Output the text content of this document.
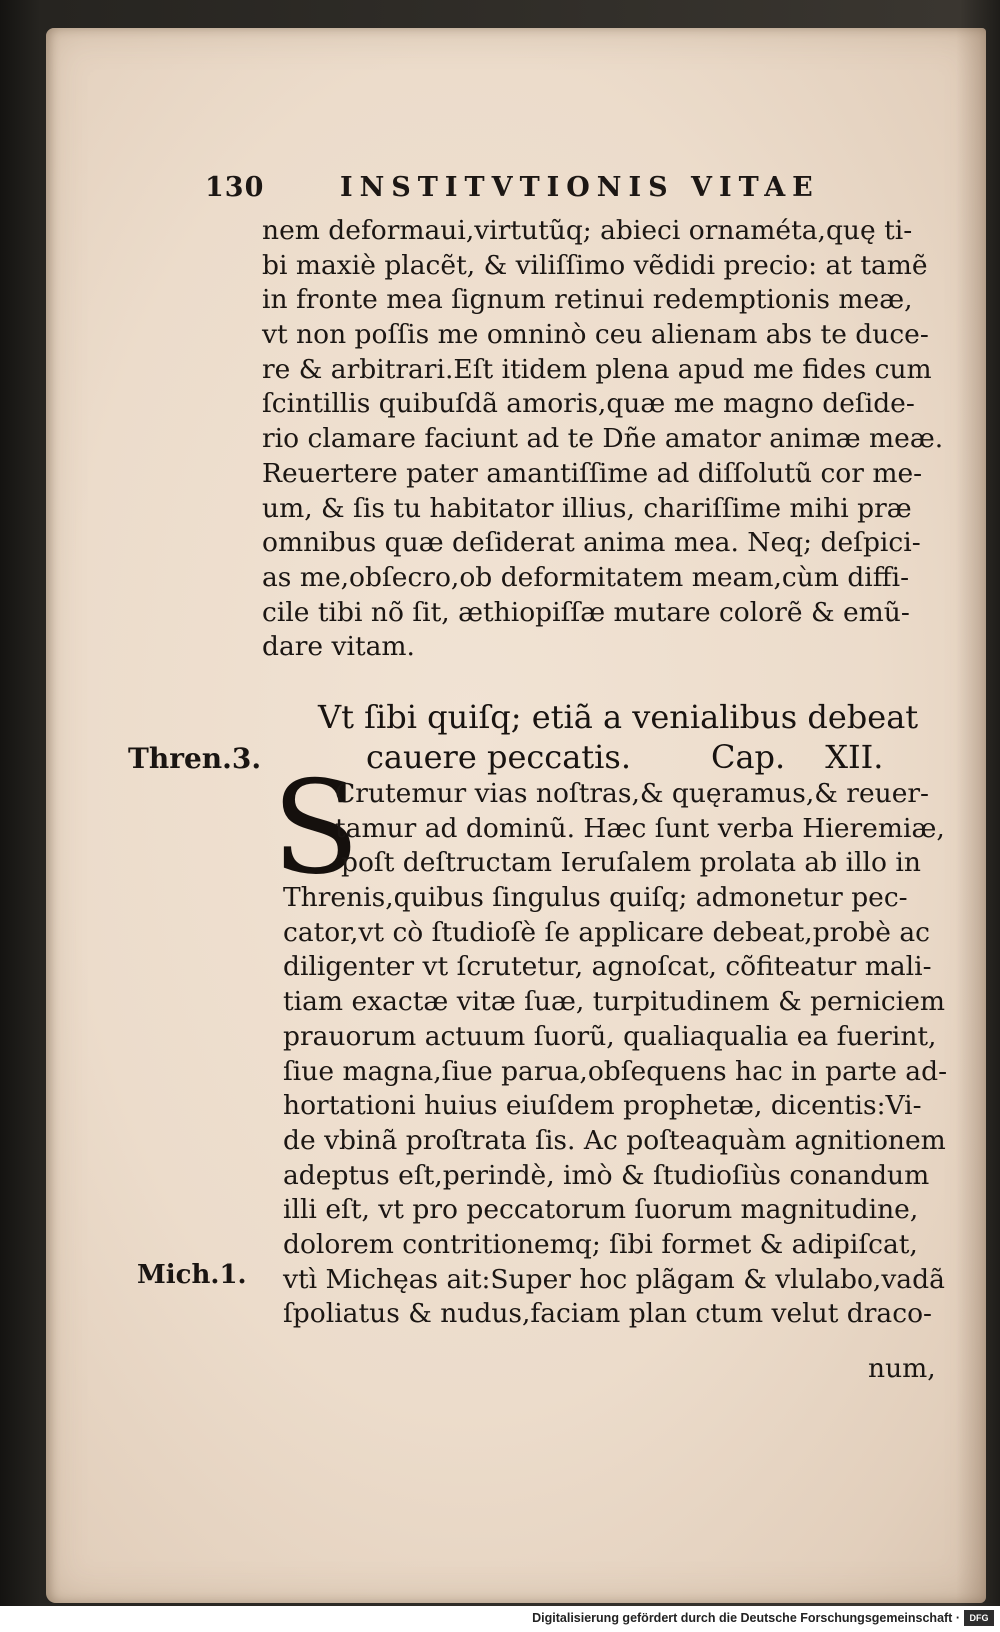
130	INSTITVTIONIS VITAE
nem deformaui,virtutũq; abieci ornaméta,quę ti-
bi maxiè placẽt, & viliſſimo vẽdidi precio: at tamẽ
in fronte mea ſignum retinui redemptionis meæ,
vt non poſſis me omninò ceu alienam abs te duce-
re & arbitrari.Eſt itidem plena apud me fides cum
ſcintillis quibuſdã amoris,quæ me magno deſide-
rio clamare faciunt ad te Dñe amator animæ meæ.
Reuertere pater amantiſſime ad diſſolutũ cor me-
um, & ſis tu habitator illius, chariſſime mihi præ
omnibus quæ deſiderat anima mea. Neq; deſpici-
as me,obſecro,ob deformitatem meam,cùm diffi-
cile tibi nõ ſit, æthiopiſſæ mutare colorẽ & emũ-
dare vitam.
Vt ſibi quiſq; etiã a venialibus debeat
cauere peccatis.	Cap. XII.
Thren.3.
Mich.1.
S
Crutemur vias noſtras,& quęramus,& reuer-
tamur ad dominũ. Hæc ſunt verba Hieremiæ,
poſt deſtructam Ieruſalem prolata ab illo in
Threnis,quibus ſingulus quiſq; admonetur pec-
cator,vt cò ſtudioſè ſe applicare debeat,probè ac
diligenter vt ſcrutetur, agnoſcat, cõfiteatur mali-
tiam exactæ vitæ ſuæ, turpitudinem & perniciem
prauorum actuum ſuorũ, qualiaqualia ea fuerint,
ſiue magna,ſiue parua,obſequens hac in parte ad-
hortationi huius eiuſdem prophetæ, dicentis:Vi-
de vbinã proſtrata ſis. Ac poſteaquàm agnitionem
adeptus eſt,perindè, imò & ſtudioſiùs conandum
illi eſt, vt pro peccatorum ſuorum magnitudine,
dolorem contritionemq; ſibi formet & adipiſcat,
vtì Michęas ait:Super hoc plãgam & vlulabo,vadã
ſpoliatus & nudus,faciam plan ctum velut draco-
num,
Digitalisierung gefördert durch die Deutsche Forschungsgemeinschaft ·	DFG
